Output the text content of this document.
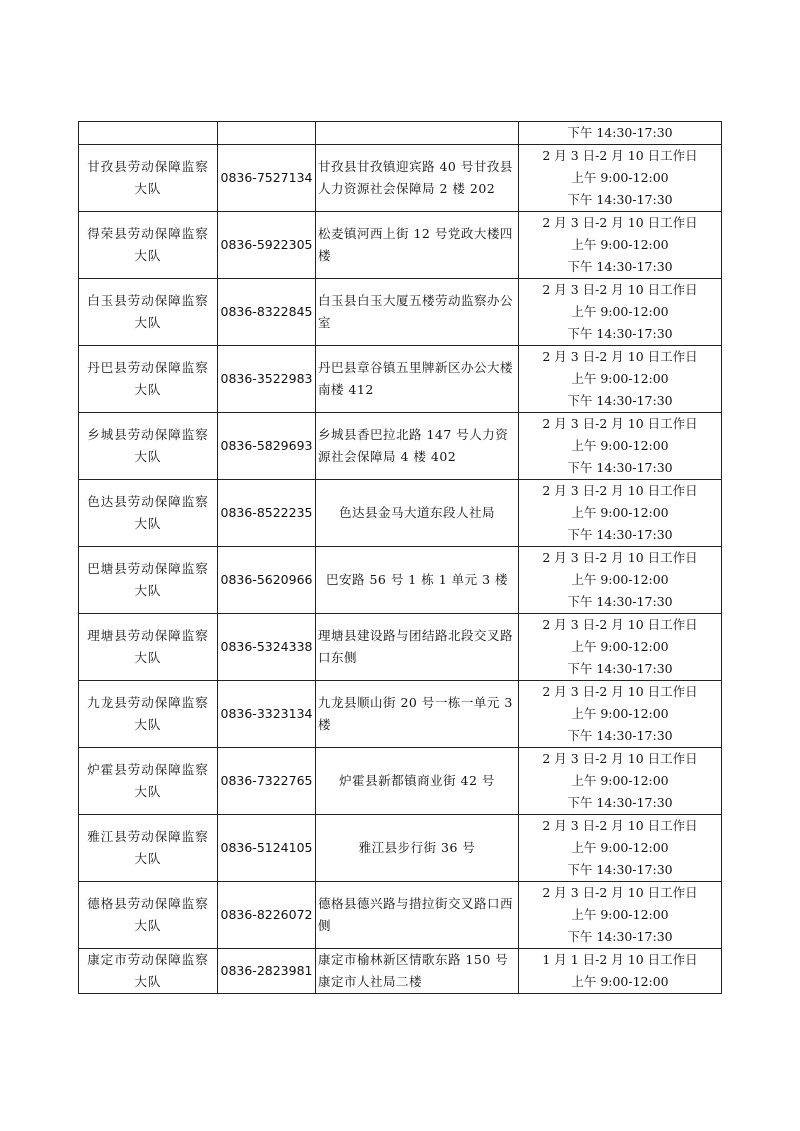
			下午 14:30-17:30

甘孜县劳动保障监察大队	0836-7527134	甘孜县甘孜镇迎宾路 40 号甘孜县人力资源社会保障局 2 楼 202	2 月 3 日-2 月 10 日工作日
上午 9:00-12:00
下午 14:30-17:30

得荣县劳动保障监察大队	0836-5922305	松麦镇河西上街 12 号党政大楼四楼	2 月 3 日-2 月 10 日工作日
上午 9:00-12:00
下午 14:30-17:30

白玉县劳动保障监察大队	0836-8322845	白玉县白玉大厦五楼劳动监察办公室	2 月 3 日-2 月 10 日工作日
上午 9:00-12:00
下午 14:30-17:30

丹巴县劳动保障监察大队	0836-3522983	丹巴县章谷镇五里牌新区办公大楼南楼 412	2 月 3 日-2 月 10 日工作日
上午 9:00-12:00
下午 14:30-17:30

乡城县劳动保障监察大队	0836-5829693	乡城县香巴拉北路 147 号人力资源社会保障局 4 楼 402	2 月 3 日-2 月 10 日工作日
上午 9:00-12:00
下午 14:30-17:30

色达县劳动保障监察大队	0836-8522235	色达县金马大道东段人社局	2 月 3 日-2 月 10 日工作日
上午 9:00-12:00
下午 14:30-17:30

巴塘县劳动保障监察大队	0836-5620966	巴安路 56 号 1 栋 1 单元 3 楼	2 月 3 日-2 月 10 日工作日
上午 9:00-12:00
下午 14:30-17:30

理塘县劳动保障监察大队	0836-5324338	理塘县建设路与团结路北段交叉路口东侧	2 月 3 日-2 月 10 日工作日
上午 9:00-12:00
下午 14:30-17:30

九龙县劳动保障监察大队	0836-3323134	九龙县顺山街 20 号一栋一单元 3 楼	2 月 3 日-2 月 10 日工作日
上午 9:00-12:00
下午 14:30-17:30

炉霍县劳动保障监察大队	0836-7322765	炉霍县新都镇商业街 42 号	2 月 3 日-2 月 10 日工作日
上午 9:00-12:00
下午 14:30-17:30

雅江县劳动保障监察大队	0836-5124105	雅江县步行街 36 号	2 月 3 日-2 月 10 日工作日
上午 9:00-12:00
下午 14:30-17:30

德格县劳动保障监察大队	0836-8226072	德格县德兴路与措拉街交叉路口西侧	2 月 3 日-2 月 10 日工作日
上午 9:00-12:00
下午 14:30-17:30

康定市劳动保障监察大队	0836-2823981	康定市榆林新区情歌东路 150 号康定市人社局二楼	1 月 1 日-2 月 10 日工作日
上午 9:00-12:00
